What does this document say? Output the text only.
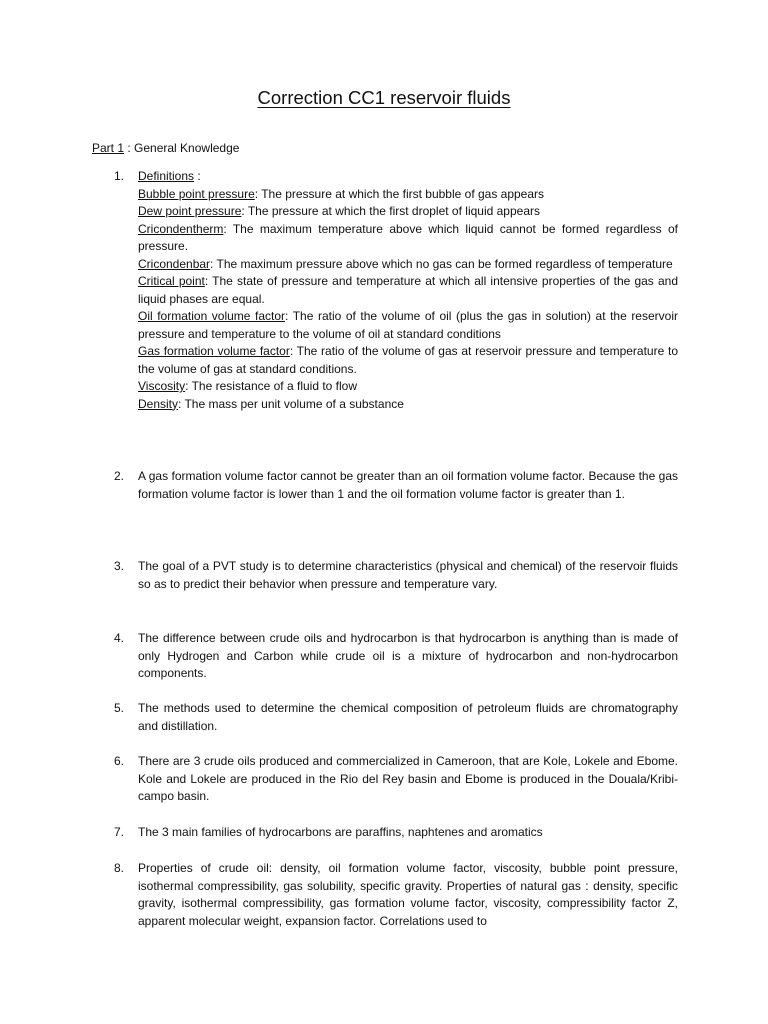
Correction CC1 reservoir fluids
Part 1 : General Knowledge
1.	Definitions :

Bubble point pressure: The pressure at which the first bubble of gas appears

Dew point pressure: The pressure at which the first droplet of liquid appears

Cricondentherm: The maximum temperature above which liquid cannot be formed regardless of pressure.

Cricondenbar: The maximum pressure above which no gas can be formed regardless of temperature

Critical point: The state of pressure and temperature at which all intensive properties of the gas and liquid phases are equal.

Oil formation volume factor: The ratio of the volume of oil (plus the gas in solution) at the reservoir pressure and temperature to the volume of oil at standard conditions

Gas formation volume factor: The ratio of the volume of gas at reservoir pressure and temperature to the volume of gas at standard conditions.

Viscosity: The resistance of a fluid to flow

Density: The mass per unit volume of a substance

2.	A gas formation volume factor cannot be greater than an oil formation volume factor. Because the gas formation volume factor is lower than 1 and the oil formation volume factor is greater than 1.
3.	The goal of a PVT study is to determine characteristics (physical and chemical) of the reservoir fluids so as to predict their behavior when pressure and temperature vary.
4.	The difference between crude oils and hydrocarbon is that hydrocarbon is anything than is made of only Hydrogen and Carbon while crude oil is a mixture of hydrocarbon and non-hydrocarbon components.
5.	The methods used to determine the chemical composition of petroleum fluids are chromatography and distillation.
6.	There are 3 crude oils produced and commercialized in Cameroon, that are Kole, Lokele and Ebome. Kole and Lokele are produced in the Rio del Rey basin and Ebome is produced in the Douala/Kribi-campo basin.
7.	The 3 main families of hydrocarbons are paraffins, naphtenes and aromatics
8.	Properties of crude oil: density, oil formation volume factor, viscosity, bubble point pressure, isothermal compressibility, gas solubility, specific gravity. Properties of natural gas : density, specific gravity, isothermal compressibility, gas formation volume factor, viscosity, compressibility factor Z, apparent molecular weight, expansion factor. Correlations used to
